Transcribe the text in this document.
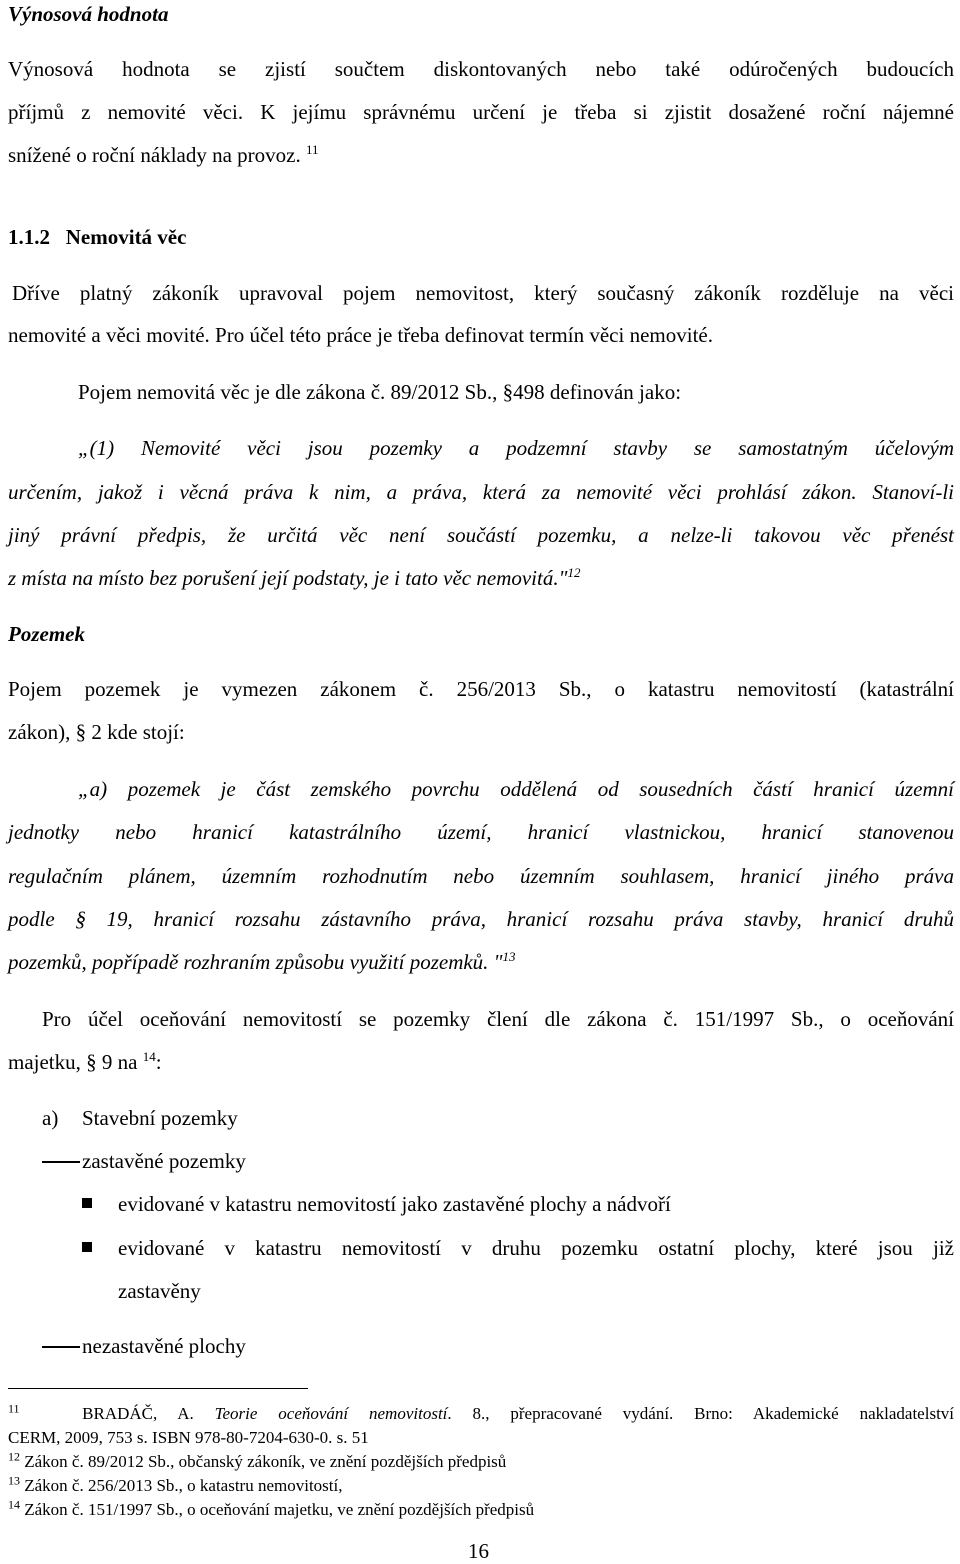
Výnosová hodnota
Výnosová hodnota se zjistí součtem diskontovaných nebo také odúročených budoucích
příjmů z nemovité věci. K jejímu správnému určení je třeba si zjistit dosažené roční nájemné
snížené o roční náklady na provoz. $^{11}$
1.1.2   Nemovitá věc
Dříve platný zákoník upravoval pojem nemovitost, který současný zákoník rozděluje na věci
nemovité a věci movité. Pro účel této práce je třeba definovat termín věci nemovité.
Pojem nemovitá věc je dle zákona č. 89/2012 Sb., §498 definován jako:
„(1) Nemovité věci jsou pozemky a podzemní stavby se samostatným účelovým
určením, jakož i věcná práva k nim, a práva, která za nemovité věci prohlásí zákon. Stanoví-li
jiný právní předpis, že určitá věc není součástí pozemku, a nelze-li takovou věc přenést
z místa na místo bez porušení její podstaty, je i tato věc nemovitá."$^{12}$
Pozemek
Pojem pozemek je vymezen zákonem č. 256/2013 Sb., o katastru nemovitostí (katastrální
zákon), § 2 kde stojí:
„a) pozemek je část zemského povrchu oddělená od sousedních částí hranicí územní
jednotky nebo hranicí katastrálního území, hranicí vlastnickou, hranicí stanovenou
regulačním plánem, územním rozhodnutím nebo územním souhlasem, hranicí jiného práva
podle § 19, hranicí rozsahu zástavního práva, hranicí rozsahu práva stavby, hranicí druhů
pozemků, popřípadě rozhraním způsobu využití pozemků. "$^{13}$
Pro účel oceňování nemovitostí se pozemky člení dle zákona č. 151/1997 Sb., o oceňování
majetku, § 9 na $^{14}$:
a) Stavební pozemky
zastavěné pozemky
evidované v katastru nemovitostí jako zastavěné plochy a nádvoří
evidované v katastru nemovitostí v druhu pozemku ostatní plochy, které jsou již
zastavěny
nezastavěné plochy
$^{11}$	BRADÁČ, A. Teorie oceňování nemovitostí. 8., přepracované vydání. Brno: Akademické nakladatelství
CERM, 2009, 753 s. ISBN 978-80-7204-630-0. s. 51
$^{12}$ Zákon č. 89/2012 Sb., občanský zákoník, ve znění pozdějších předpisů
$^{13}$ Zákon č. 256/2013 Sb., o katastru nemovitostí,
$^{14}$ Zákon č. 151/1997 Sb., o oceňování majetku, ve znění pozdějších předpisů
16
